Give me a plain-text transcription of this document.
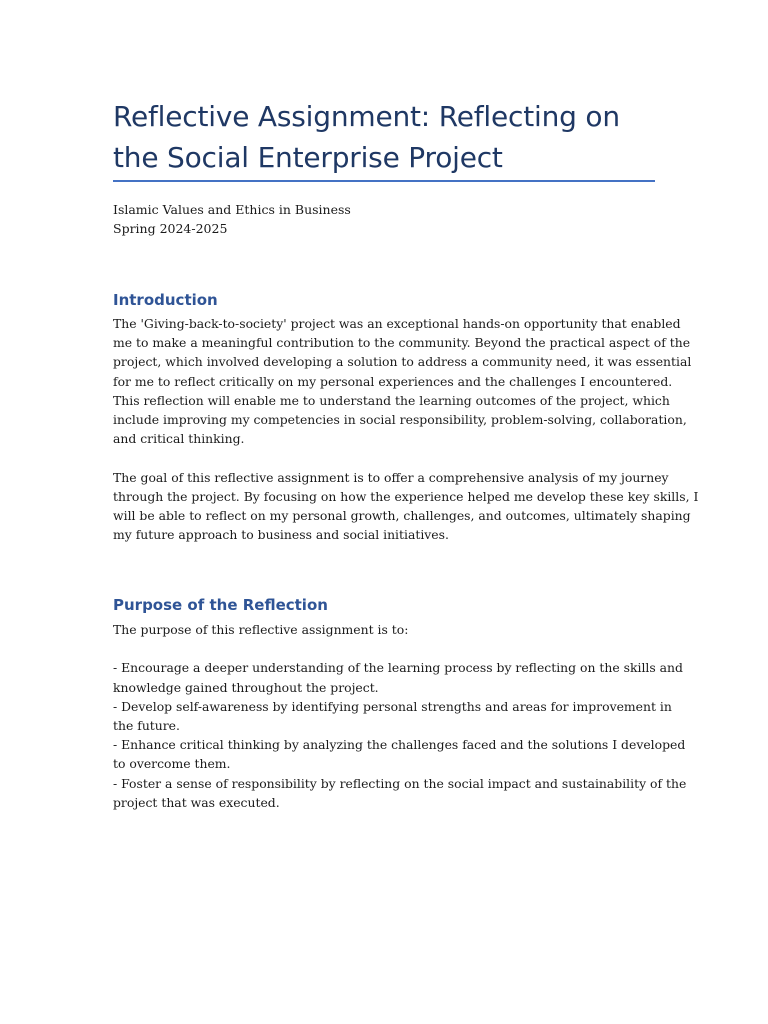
Reflective Assignment: Reflecting on
the Social Enterprise Project
Islamic Values and Ethics in Business
Spring 2024-2025
Introduction
The 'Giving-back-to-society' project was an exceptional hands-on opportunity that enabled
me to make a meaningful contribution to the community. Beyond the practical aspect of the
project, which involved developing a solution to address a community need, it was essential
for me to reflect critically on my personal experiences and the challenges I encountered.
This reflection will enable me to understand the learning outcomes of the project, which
include improving my competencies in social responsibility, problem-solving, collaboration,
and critical thinking.
The goal of this reflective assignment is to offer a comprehensive analysis of my journey
through the project. By focusing on how the experience helped me develop these key skills, I
will be able to reflect on my personal growth, challenges, and outcomes, ultimately shaping
my future approach to business and social initiatives.
Purpose of the Reflection
The purpose of this reflective assignment is to:
- Encourage a deeper understanding of the learning process by reflecting on the skills and
knowledge gained throughout the project.
- Develop self-awareness by identifying personal strengths and areas for improvement in
the future.
- Enhance critical thinking by analyzing the challenges faced and the solutions I developed
to overcome them.
- Foster a sense of responsibility by reflecting on the social impact and sustainability of the
project that was executed.
